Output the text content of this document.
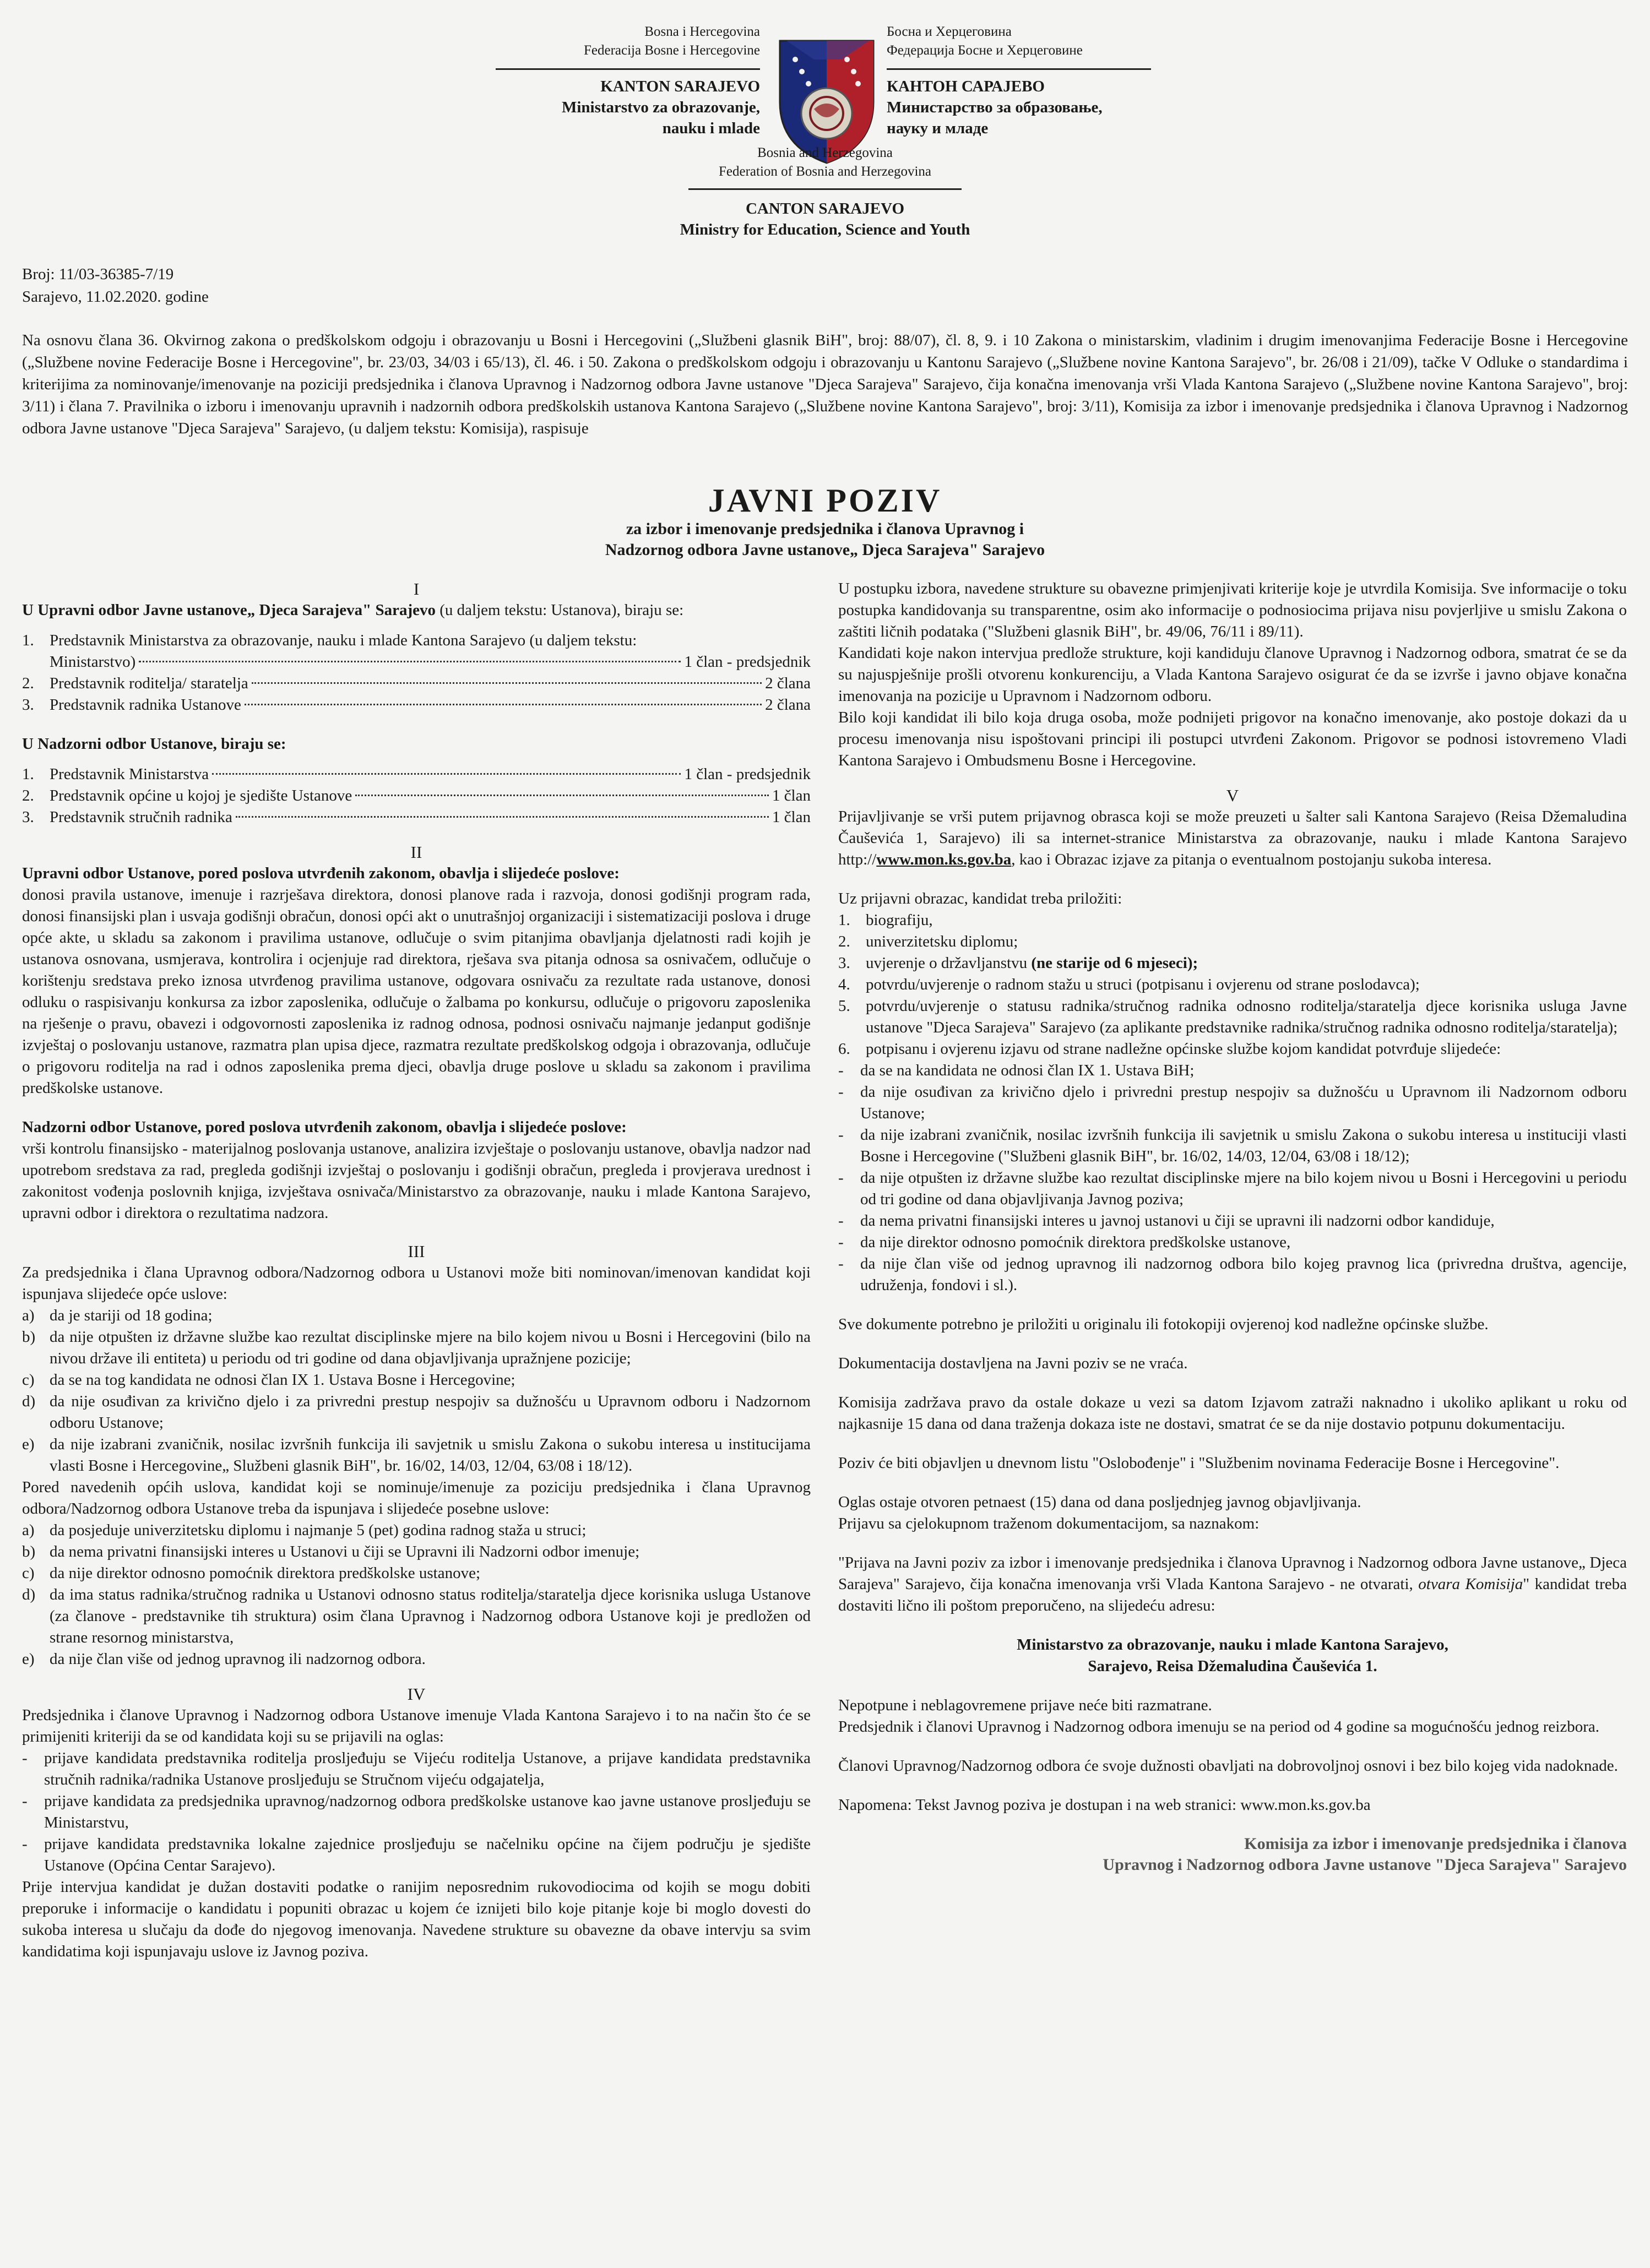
Bosna i Hercegovina
Federacija Bosne i Hercegovine
KANTON SARAJEVO
Ministarstvo za obrazovanje,
nauku i mlade
Босна и Херцеговина
Федерација Босне и Херцеговине
КАНТОН САРАЈЕВО
Министарство за образовање,
науку и младе
Bosnia and Herzegovina
Federation of Bosnia and Herzegovina
CANTON SARAJEVO
Ministry for Education, Science and Youth
Broj: 11/03-36385-7/19
Sarajevo, 11.02.2020. godine
Na osnovu člana 36. Okvirnog zakona o predškolskom odgoju i obrazovanju u Bosni i Hercegovini („Službeni glasnik BiH", broj: 88/07), čl. 8, 9. i 10 Zakona o ministarskim, vladinim i drugim imenovanjima Federacije Bosne i Hercegovine („Službene novine Federacije Bosne i Hercegovine", br. 23/03, 34/03 i 65/13), čl. 46. i 50. Zakona o predškolskom odgoju i obrazovanju u Kantonu Sarajevo („Službene novine Kantona Sarajevo", br. 26/08 i 21/09), tačke V Odluke o standardima i kriterijima za nominovanje/imenovanje na poziciji predsjednika i članova Upravnog i Nadzornog odbora Javne ustanove "Djeca Sarajeva" Sarajevo, čija konačna imenovanja vrši Vlada Kantona Sarajevo („Službene novine Kantona Sarajevo", broj: 3/11) i člana 7. Pravilnika o izboru i imenovanju upravnih i nadzornih odbora predškolskih ustanova Kantona Sarajevo („Službene novine Kantona Sarajevo", broj: 3/11), Komisija za izbor i imenovanje predsjednika i članova Upravnog i Nadzornog odbora Javne ustanove "Djeca Sarajeva" Sarajevo, (u daljem tekstu: Komisija), raspisuje
JAVNI POZIV
za izbor i imenovanje predsjednika i članova Upravnog i
Nadzornog odbora Javne ustanove„ Djeca Sarajeva" Sarajevo

I

U Upravni odbor Javne ustanove„ Djeca Sarajeva" Sarajevo (u daljem tekstu: Ustanova), biraju se:

1. Predstavnik Ministarstva za obrazovanje, nauku i mlade Kantona Sarajevo (u daljem tekstu:
Ministarstvo)	1 član - predsjednik
2. Predstavnik roditelja/ staratelja	2 člana
3. Predstavnik radnika Ustanove	2 člana

U Nadzorni odbor Ustanove, biraju se:

1. Predstavnik Ministarstva	1 član - predsjednik
2. Predstavnik općine u kojoj je sjedište Ustanove	1 član
3. Predstavnik stručnih radnika	1 član

II

Upravni odbor Ustanove, pored poslova utvrđenih zakonom, obavlja i slijedeće poslove:

donosi pravila ustanove, imenuje i razrješava direktora, donosi planove rada i razvoja, donosi godišnji program rada, donosi finansijski plan i usvaja godišnji obračun, donosi opći akt o unutrašnjoj organizaciji i sistematizaciji poslova i druge opće akte, u skladu sa zakonom i pravilima ustanove, odlučuje o svim pitanjima obavljanja djelatnosti radi kojih je ustanova osnovana, usmjerava, kontrolira i ocjenjuje rad direktora, rješava sva pitanja odnosa sa osnivačem, odlučuje o korištenju sredstava preko iznosa utvrđenog pravilima ustanove, odgovara osnivaču za rezultate rada ustanove, donosi odluku o raspisivanju konkursa za izbor zaposlenika, odlučuje o žalbama po konkursu, odlučuje o prigovoru zaposlenika na rješenje o pravu, obavezi i odgovornosti zaposlenika iz radnog odnosa, podnosi osnivaču najmanje jedanput godišnje izvještaj o poslovanju ustanove, razmatra plan upisa djece, razmatra rezultate predškolskog odgoja i obrazovanja, odlučuje o prigovoru roditelja na rad i odnos zaposlenika prema djeci, obavlja druge poslove u skladu sa zakonom i pravilima predškolske ustanove.

Nadzorni odbor Ustanove, pored poslova utvrđenih zakonom, obavlja i slijedeće poslove:

vrši kontrolu finansijsko - materijalnog poslovanja ustanove, analizira izvještaje o poslovanju ustanove, obavlja nadzor nad upotrebom sredstava za rad, pregleda godišnji izvještaj o poslovanju i godišnji obračun, pregleda i provjerava urednost i zakonitost vođenja poslovnih knjiga, izvještava osnivača/Ministarstvo za obrazovanje, nauku i mlade Kantona Sarajevo, upravni odbor i direktora o rezultatima nadzora.

III

Za predsjednika i člana Upravnog odbora/Nadzornog odbora u Ustanovi može biti nominovan/imenovan kandidat koji ispunjava slijedeće opće uslove:

a) da je stariji od 18 godina;
b) da nije otpušten iz državne službe kao rezultat disciplinske mjere na bilo kojem nivou u Bosni i Hercegovini (bilo na nivou države ili entiteta) u periodu od tri godine od dana objavljivanja upražnjene pozicije;
c) da se na tog kandidata ne odnosi član IX 1. Ustava Bosne i Hercegovine;
d) da nije osuđivan za krivično djelo i za privredni prestup nespojiv sa dužnošću u Upravnom odboru i Nadzornom odboru Ustanove;
e) da nije izabrani zvaničnik, nosilac izvršnih funkcija ili savjetnik u smislu Zakona o sukobu interesa u institucijama vlasti Bosne i Hercegovine„ Službeni glasnik BiH", br. 16/02, 14/03, 12/04, 63/08 i 18/12).

Pored navedenih općih uslova, kandidat koji se nominuje/imenuje za poziciju predsjednika i člana Upravnog odbora/Nadzornog odbora Ustanove treba da ispunjava i slijedeće posebne uslove:

a) da posjeduje univerzitetsku diplomu i najmanje 5 (pet) godina radnog staža u struci;
b) da nema privatni finansijski interes u Ustanovi u čiji se Upravni ili Nadzorni odbor imenuje;
c) da nije direktor odnosno pomoćnik direktora predškolske ustanove;
d) da ima status radnika/stručnog radnika u Ustanovi odnosno status roditelja/staratelja djece korisnika usluga Ustanove (za članove - predstavnike tih struktura) osim člana Upravnog i Nadzornog odbora Ustanove koji je predložen od strane resornog ministarstva,
e) da nije član više od jednog upravnog ili nadzornog odbora.

IV

Predsjednika i članove Upravnog i Nadzornog odbora Ustanove imenuje Vlada Kantona Sarajevo i to na način što će se primijeniti kriteriji da se od kandidata koji su se prijavili na oglas:

-	prijave kandidata predstavnika roditelja prosljeđuju se Vijeću roditelja Ustanove, a prijave kandidata predstavnika stručnih radnika/radnika Ustanove prosljeđuju se Stručnom vijeću odgajatelja,
-	prijave kandidata za predsjednika upravnog/nadzornog odbora predškolske ustanove kao javne ustanove prosljeđuju se Ministarstvu,
-	prijave kandidata predstavnika lokalne zajednice prosljeđuju se načelniku općine na čijem području je sjedište Ustanove (Općina Centar Sarajevo).

Prije intervjua kandidat je dužan dostaviti podatke o ranijim neposrednim rukovodiocima od kojih se mogu dobiti preporuke i informacije o kandidatu i popuniti obrazac u kojem će iznijeti bilo koje pitanje koje bi moglo dovesti do sukoba interesa u slučaju da dođe do njegovog imenovanja. Navedene strukture su obavezne da obave intervju sa svim kandidatima koji ispunjavaju uslove iz Javnog poziva.

U postupku izbora, navedene strukture su obavezne primjenjivati kriterije koje je utvrdila Komisija. Sve informacije o toku postupka kandidovanja su transparentne, osim ako informacije o podnosiocima prijava nisu povjerljive u smislu Zakona o zaštiti ličnih podataka ("Službeni glasnik BiH", br. 49/06, 76/11 i 89/11).

Kandidati koje nakon intervjua predlože strukture, koji kandiduju članove Upravnog i Nadzornog odbora, smatrat će se da su najuspješnije prošli otvorenu konkurenciju, a Vlada Kantona Sarajevo osigurat će da se izvrše i javno objave konačna imenovanja na pozicije u Upravnom i Nadzornom odboru.

Bilo koji kandidat ili bilo koja druga osoba, može podnijeti prigovor na konačno imenovanje, ako postoje dokazi da u procesu imenovanja nisu ispoštovani principi ili postupci utvrđeni Zakonom. Prigovor se podnosi istovremeno Vladi Kantona Sarajevo i Ombudsmenu Bosne i Hercegovine.

V

Prijavljivanje se vrši putem prijavnog obrasca koji se može preuzeti u šalter sali Kantona Sarajevo (Reisa Džemaludina Čauševića 1, Sarajevo) ili sa internet-stranice Ministarstva za obrazovanje, nauku i mlade Kantona Sarajevo http://www.mon.ks.gov.ba, kao i Obrazac izjave za pitanja o eventualnom postojanju sukoba interesa.

Uz prijavni obrazac, kandidat treba priložiti:

1. biografiju,
2. univerzitetsku diplomu;
3. uvjerenje o državljanstvu (ne starije od 6 mjeseci);
4. potvrdu/uvjerenje o radnom stažu u struci (potpisanu i ovjerenu od strane poslodavca);
5. potvrdu/uvjerenje o statusu radnika/stručnog radnika odnosno roditelja/staratelja djece korisnika usluga Javne ustanove "Djeca Sarajeva" Sarajevo (za aplikante predstavnike radnika/stručnog radnika odnosno roditelja/staratelja);
6. potpisanu i ovjerenu izjavu od strane nadležne općinske službe kojom kandidat potvrđuje slijedeće:
-	da se na kandidata ne odnosi član IX 1. Ustava BiH;
-	da nije osuđivan za krivično djelo i privredni prestup nespojiv sa dužnošću u Upravnom ili Nadzornom odboru Ustanove;
-	da nije izabrani zvaničnik, nosilac izvršnih funkcija ili savjetnik u smislu Zakona o sukobu interesa u instituciji vlasti Bosne i Hercegovine ("Službeni glasnik BiH", br. 16/02, 14/03, 12/04, 63/08 i 18/12);
-	da nije otpušten iz državne službe kao rezultat disciplinske mjere na bilo kojem nivou u Bosni i Hercegovini u periodu od tri godine od dana objavljivanja Javnog poziva;
-	da nema privatni finansijski interes u javnoj ustanovi u čiji se upravni ili nadzorni odbor kandiduje,
-	da nije direktor odnosno pomoćnik direktora predškolske ustanove,
-	da nije član više od jednog upravnog ili nadzornog odbora bilo kojeg pravnog lica (privredna društva, agencije, udruženja, fondovi i sl.).

Sve dokumente potrebno je priložiti u originalu ili fotokopiji ovjerenoj kod nadležne općinske službe.

Dokumentacija dostavljena na Javni poziv se ne vraća.

Komisija zadržava pravo da ostale dokaze u vezi sa datom Izjavom zatraži naknadno i ukoliko aplikant u roku od najkasnije 15 dana od dana traženja dokaza iste ne dostavi, smatrat će se da nije dostavio potpunu dokumentaciju.

Poziv će biti objavljen u dnevnom listu "Oslobođenje" i "Službenim novinama Federacije Bosne i Hercegovine".

Oglas ostaje otvoren petnaest (15) dana od dana posljednjeg javnog objavljivanja.

Prijavu sa cjelokupnom traženom dokumentacijom, sa naznakom:

"Prijava na Javni poziv za izbor i imenovanje predsjednika i članova Upravnog i Nadzornog odbora Javne ustanove„ Djeca Sarajeva" Sarajevo, čija konačna imenovanja vrši Vlada Kantona Sarajevo - ne otvarati, otvara Komisija" kandidat treba dostaviti lično ili poštom preporučeno, na slijedeću adresu:

Ministarstvo za obrazovanje, nauku i mlade Kantona Sarajevo,

Sarajevo, Reisa Džemaludina Čauševića 1.

Nepotpune i neblagovremene prijave neće biti razmatrane.

Predsjednik i članovi Upravnog i Nadzornog odbora imenuju se na period od 4 godine sa mogućnošću jednog reizbora.

Članovi Upravnog/Nadzornog odbora će svoje dužnosti obavljati na dobrovoljnoj osnovi i bez bilo kojeg vida nadoknade.

Napomena: Tekst Javnog poziva je dostupan i na web stranici: www.mon.ks.gov.ba

Komisija za izbor i imenovanje predsjednika i članova

Upravnog i Nadzornog odbora Javne ustanove "Djeca Sarajeva" Sarajevo
